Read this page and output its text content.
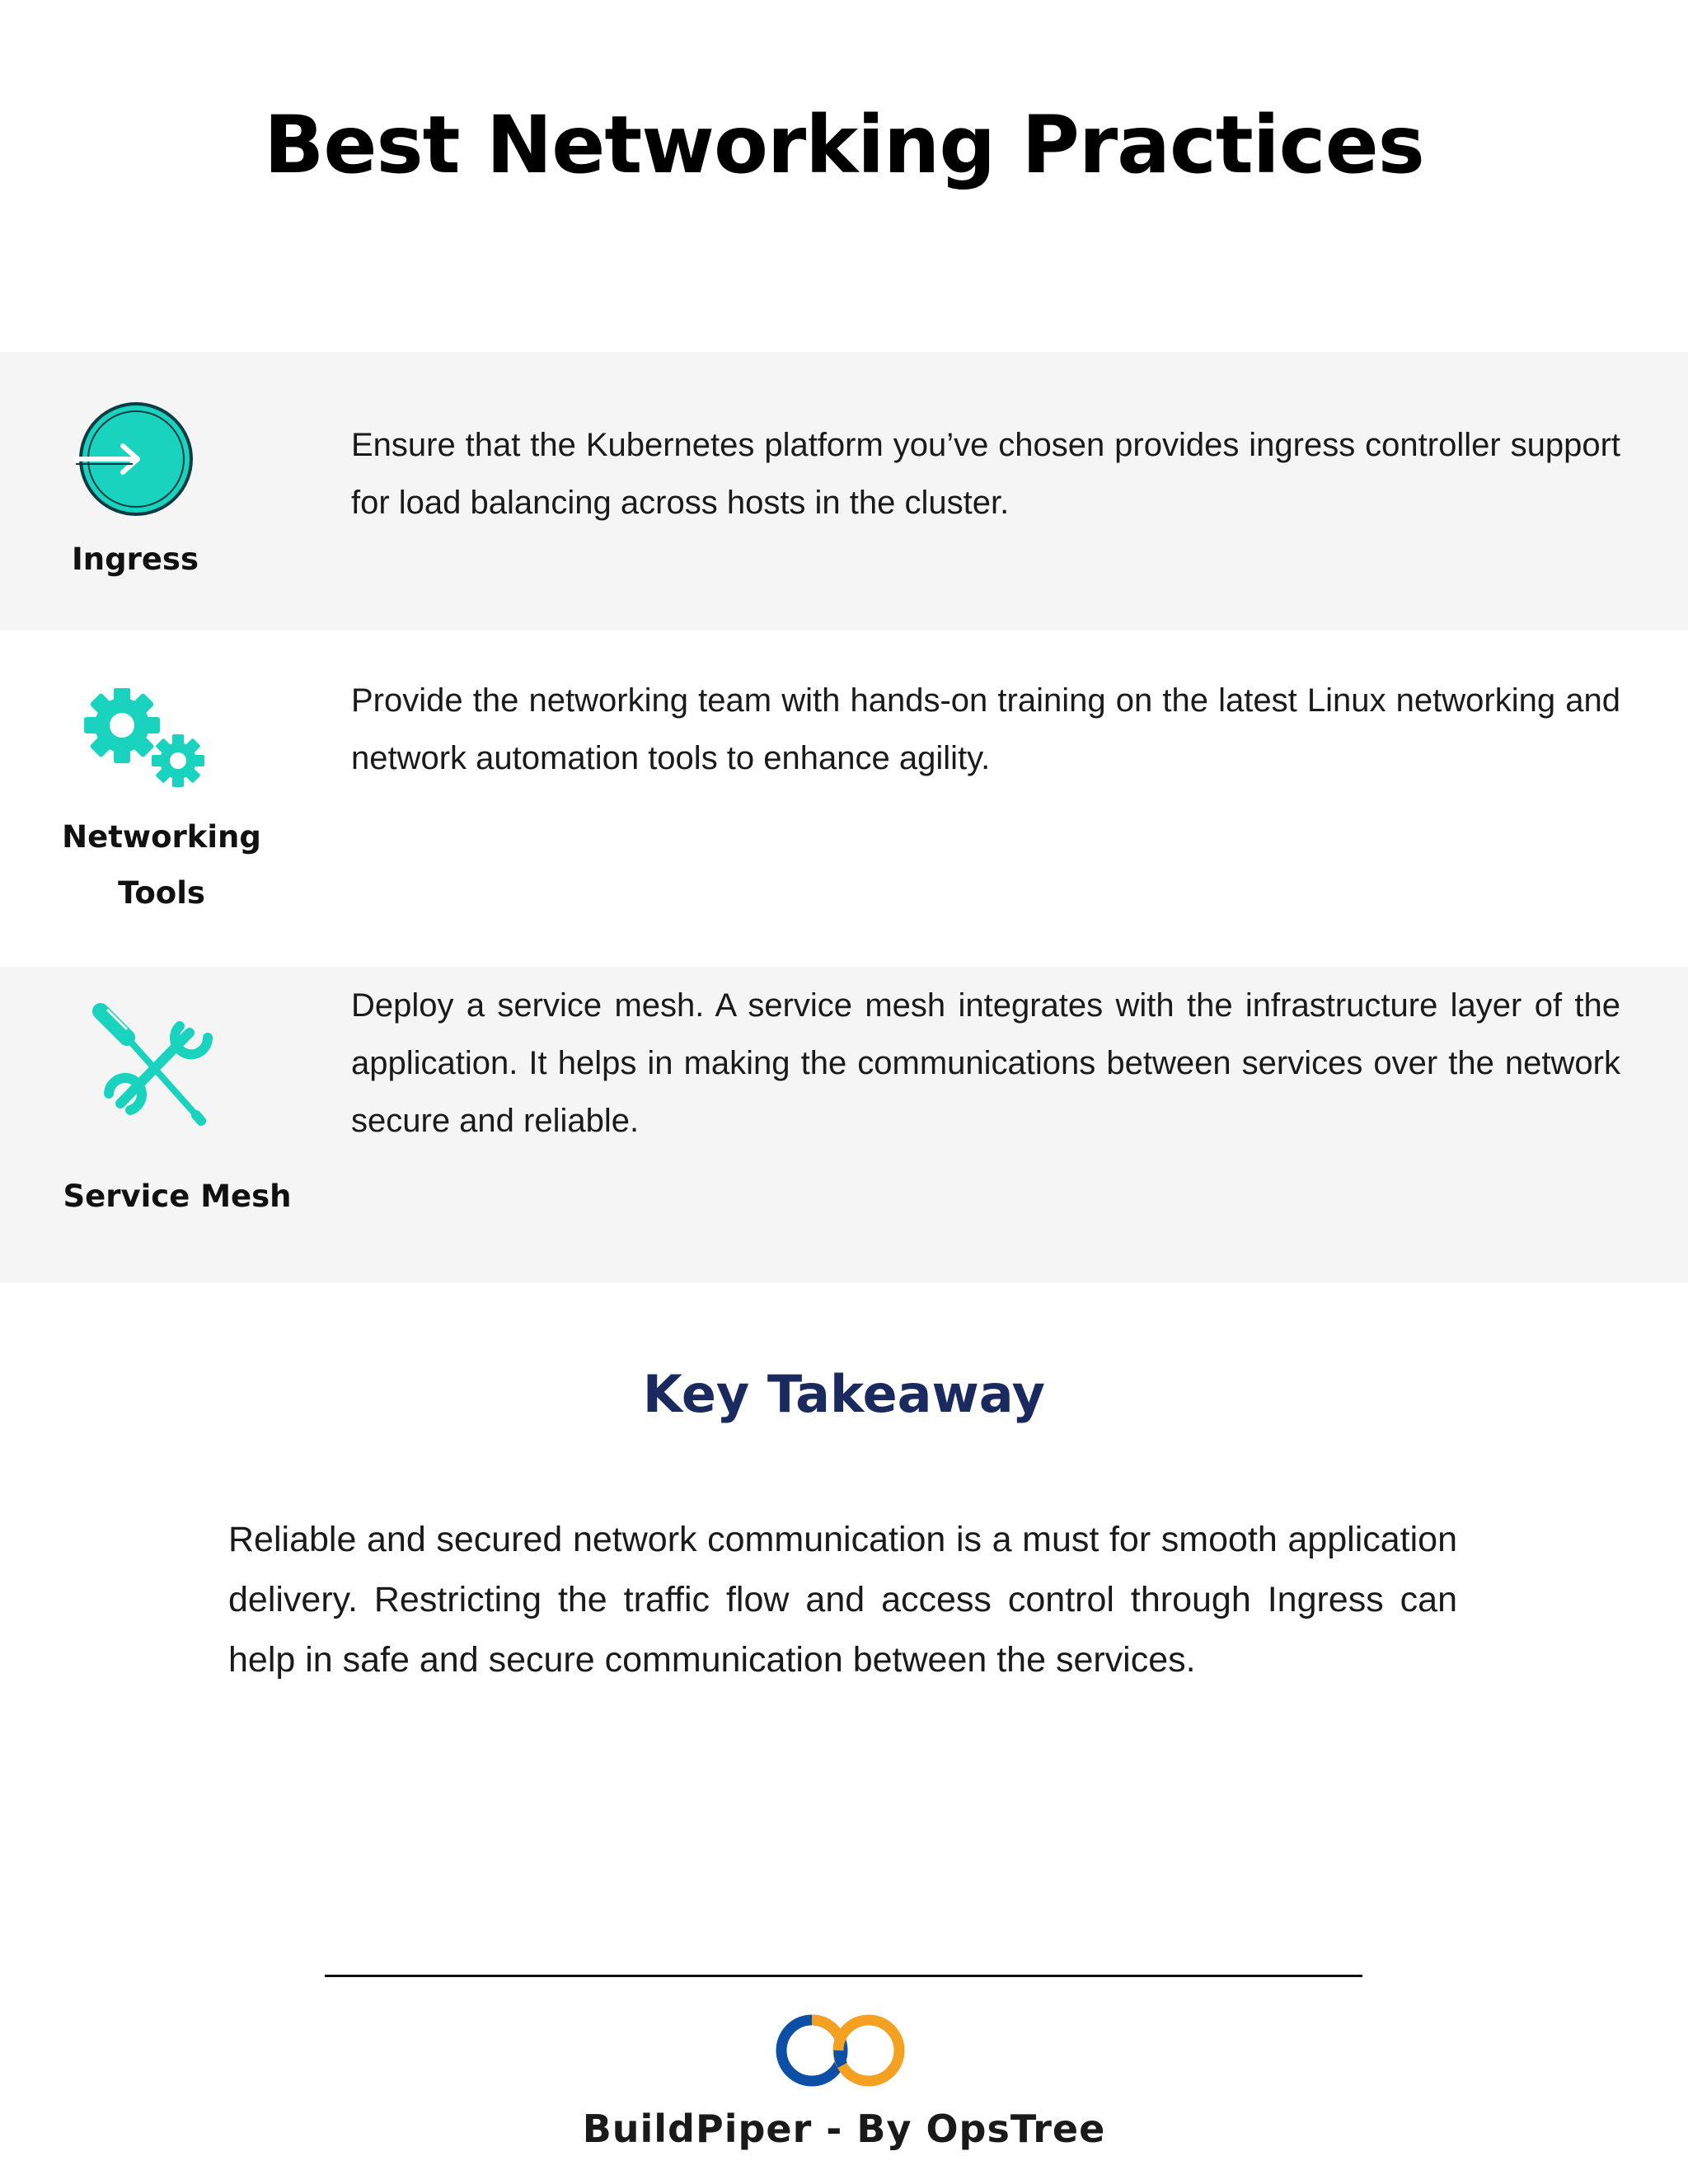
Best Networking Practices
Ingress
Ensure that the Kubernetes platform you’ve chosen provides ingress controller support for load balancing across hosts in the cluster.
Networking
Tools
Provide the networking team with hands-on training on the latest Linux networking and network automation tools to enhance agility.
Service Mesh
Deploy a service mesh. A service mesh integrates with the infrastructure layer of the application. It helps in making the communications between services over the network secure and reliable.
Key Takeaway

Reliable and secured network communication is a must for smooth application delivery. Restricting the traffic flow and access control through Ingress can help in safe and secure communication between the services.

BuildPiper - By OpsTree
